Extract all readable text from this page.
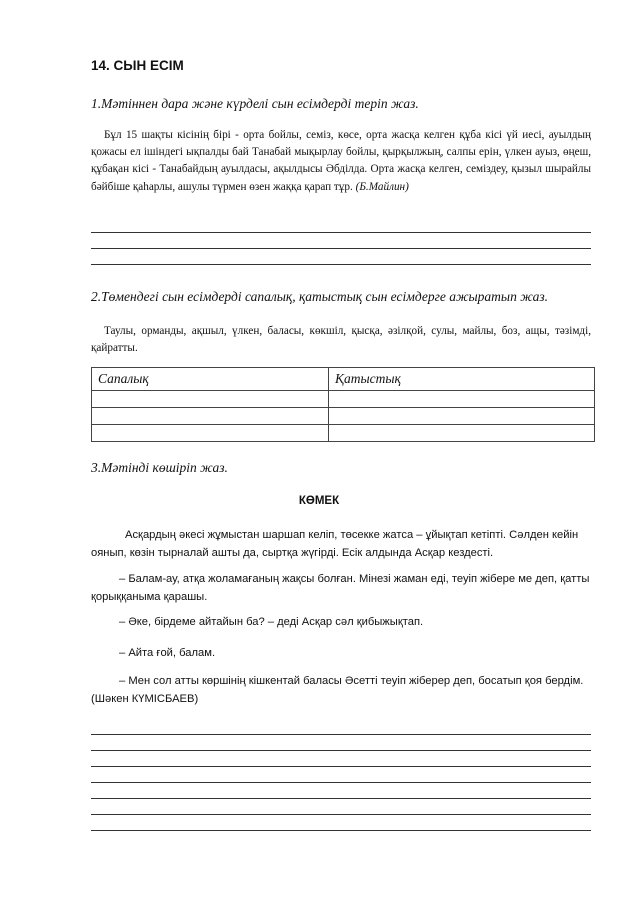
14. СЫН ЕСІМ
1.Мәтіннен дара және күрделі сын есімдерді теріп жаз.
Бұл 15 шақты кісінің бірі - орта бойлы, семіз, көсе, орта жасқа келген құба кісі үй иесі, ауылдың қожасы ел ішіндегі ықпалды бай Танабай мықырлау бойлы, қырқылжың, салпы ерін, үлкен ауыз, өңеш, құбақан кісі - Танабайдың ауылдасы, ақылдысы Әбділда. Орта жасқа келген, семіздеу, қызыл шырайлы бәйбіше қаһарлы, ашулы түрмен өзен жаққа қарап тұр. (Б.Майлин)
2.Төмендегі сын есімдерді сапалық, қатыстық сын есімдерге ажыратып жаз.
Таулы, орманды, ақшыл, үлкен, баласы, көкшіл, қысқа, әзілқой, сулы, майлы, боз, ащы, тәзімді, қайратты.
Сапалық	Қатыстық

3.Мәтінді көшіріп жаз.
КӨМЕК
Асқардың әкесі жұмыстан шаршап келіп, төсекке жатса – ұйықтап кетіпті. Сәлден кейін оянып, көзін тырналай ашты да, сыртқа жүгірді. Есік алдында Асқар кездесті.
– Балам-ау, атқа жоламағаның жақсы болған. Мінезі жаман еді, теуіп жібере ме деп, қатты қорыққаныма қарашы.
– Әке, бірдеме айтайын ба? – деді Асқар сәл қибыжықтап.
– Айта ғой, балам.
– Мен сол атты көршінің кішкентай баласы Әсетті теуіп жіберер деп, босатып қоя бердім. (Шәкен КҮМІСБАЕВ)
